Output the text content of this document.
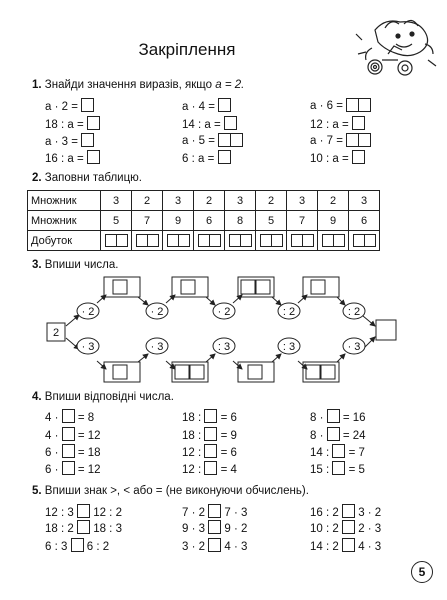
Закріплення
1. Знайди значення виразів, якщо a = 2.
a · 2 =
18 : a =
a · 3 =
16 : a =
a · 4 =
14 : a =
a · 5 =
6 : a =
a · 6 =
12 : a =
a · 7 =
10 : a =
2. Заповни таблицю.
Множник	3	2	3	2	3	2	3	2	3
Множник	5	7	9	6	8	5	7	9	6
Добуток									
3. Впиши числа.
2
· 2	· 2	· 2	: 2	: 2
· 3	· 3	: 3	: 3	· 3
4. Впиши відповідні числа.
4 · = 8
4 · = 12
6 · = 18
6 · = 12
18 : = 6
18 : = 9
12 : = 6
12 : = 4
8 · = 16
8 · = 24
14 : = 7
15 : = 5
5. Впиши знак >, < або = (не виконуючи обчислень).
12 : 3 12 : 2
18 : 2 18 : 3
6 : 3 6 : 2
7 · 2 7 · 3
9 · 3 9 · 2
3 · 2 4 · 3
16 : 2 3 · 2
10 : 2 2 · 3
14 : 2 4 · 3
5
